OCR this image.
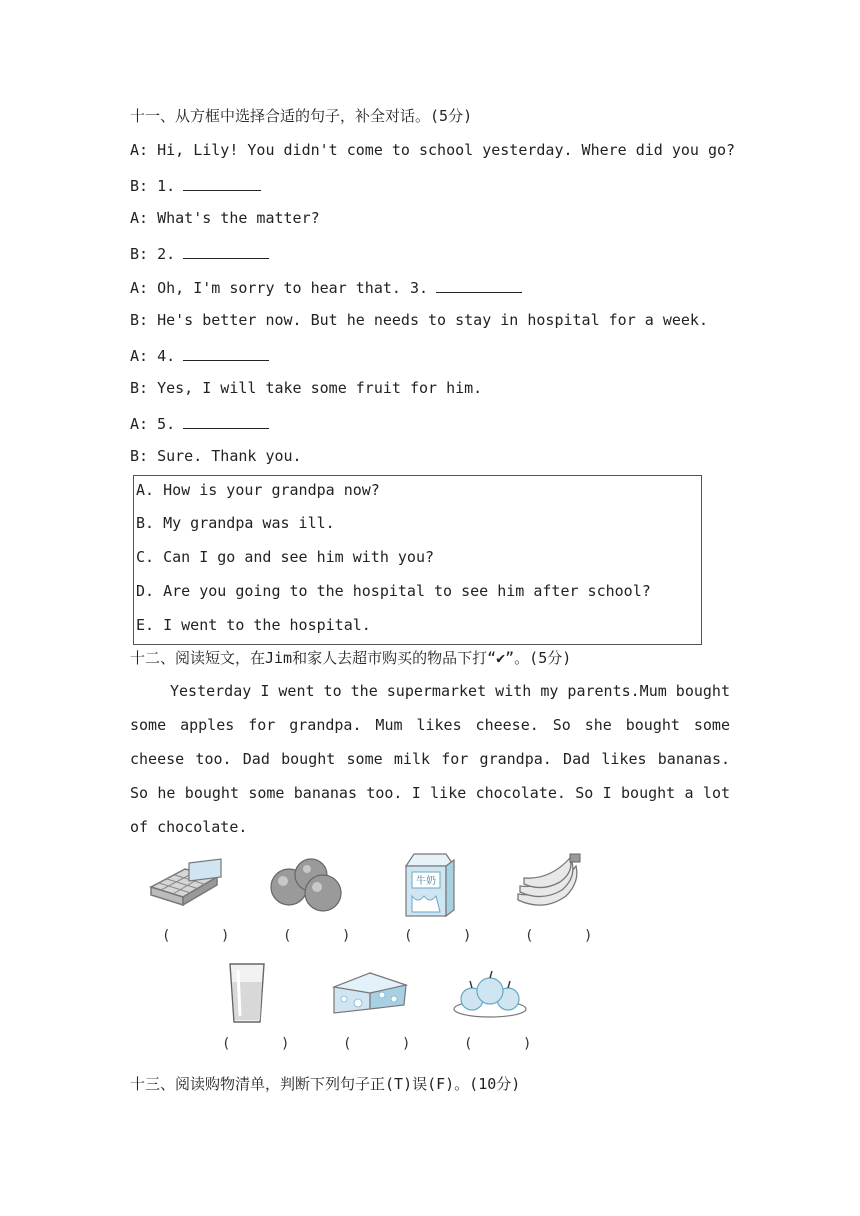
十一、从方框中选择合适的句子，补全对话。(5分)
A: Hi, Lily! You didn't come to school yesterday. Where did you go?
B: 1.
A: What's the matter?
B: 2.
A: Oh, I'm sorry to hear that. 3.
B: He's better now. But he needs to stay in hospital for a week.
A: 4.
B: Yes, I will take some fruit for him.
A: 5.
B: Sure. Thank you.
A. How is your grandpa now?
B. My grandpa was ill.
C. Can I go and see him with you?
D. Are you going to the hospital to see him after school?
E. I went to the hospital.
十二、阅读短文，在Jim和家人去超市购买的物品下打“✔”。(5分)

Yesterday I went to the supermarket with my parents.Mum bought some apples for grandpa. Mum likes cheese. So she bought some cheese too. Dad bought some milk for grandpa. Dad likes bananas. So he bought some bananas too. I like chocolate. So I bought a lot of chocolate.

牛奶
(      )	(      )	(      )	(      )
(      )	(      )	(      )
十三、阅读购物清单，判断下列句子正(T)误(F)。(10分)
